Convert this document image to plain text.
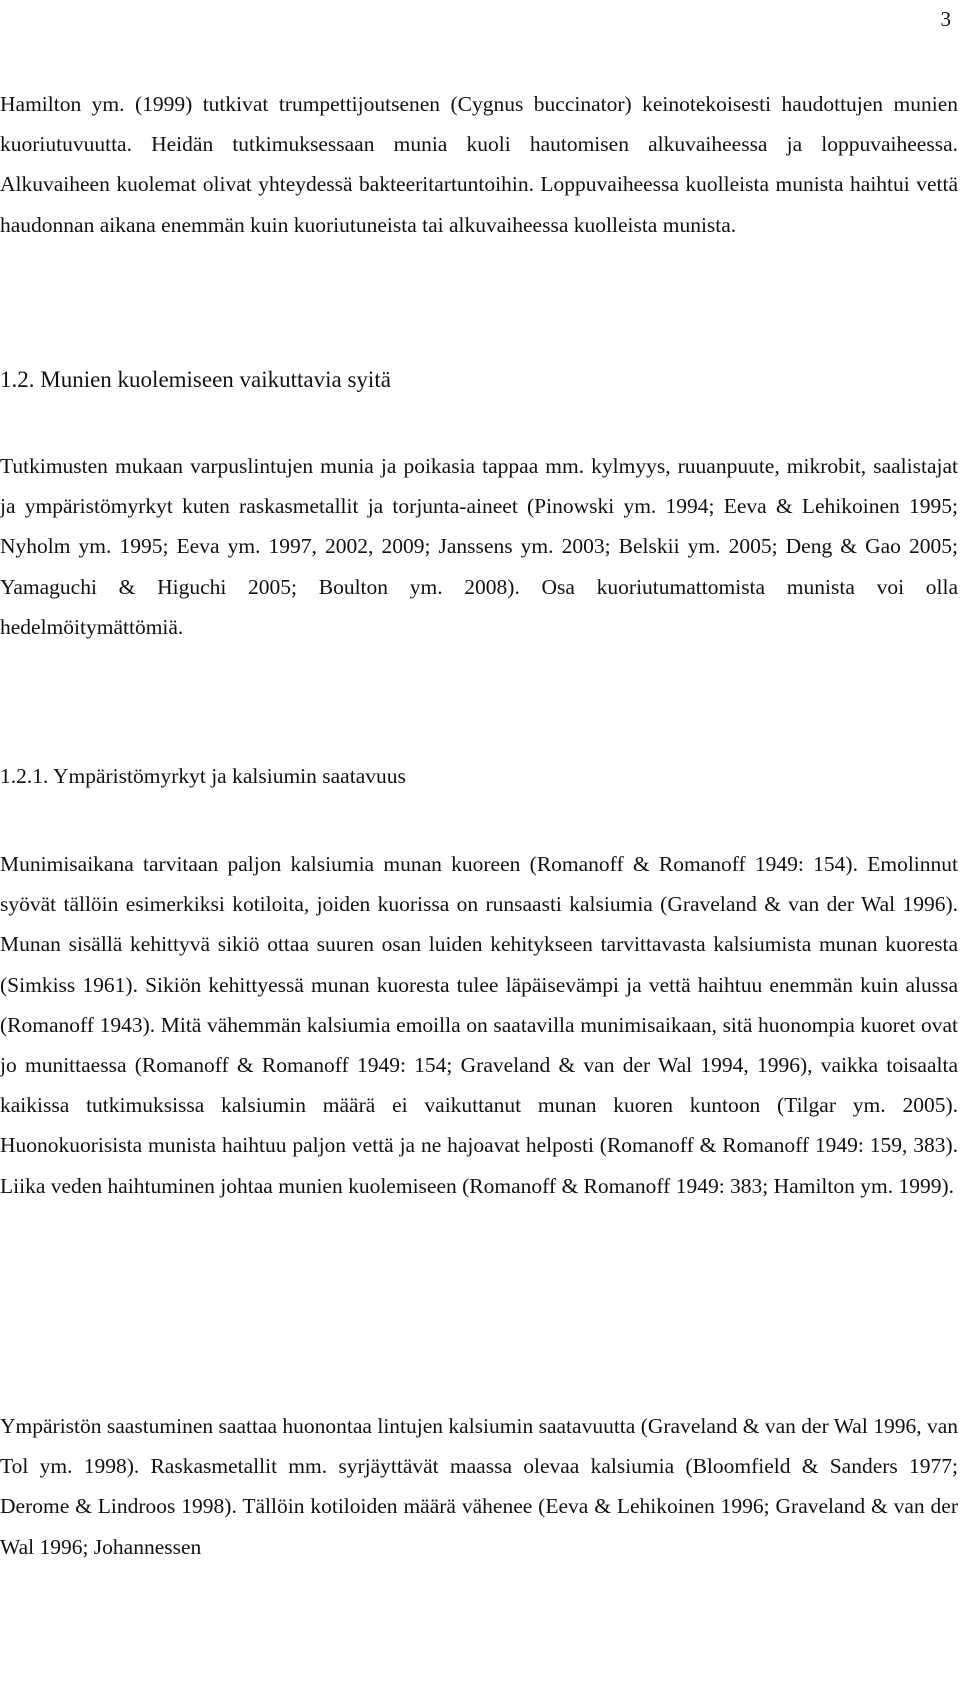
3

Hamilton ym. (1999) tutkivat trumpettijoutsenen (Cygnus buccinator) keinotekoisesti haudottujen munien kuoriutuvuutta. Heidän tutkimuksessaan munia kuoli hautomisen alkuvaiheessa ja loppuvaiheessa. Alkuvaiheen kuolemat olivat yhteydessä bakteeritartuntoihin. Loppuvaiheessa kuolleista munista haihtui vettä haudonnan aikana enemmän kuin kuoriutuneista tai alkuvaiheessa kuolleista munista.

1.2. Munien kuolemiseen vaikuttavia syitä

Tutkimusten mukaan varpuslintujen munia ja poikasia tappaa mm. kylmyys, ruuanpuute, mikrobit, saalistajat ja ympäristömyrkyt kuten raskasmetallit ja torjunta-aineet (Pinowski ym. 1994; Eeva & Lehikoinen 1995; Nyholm ym. 1995; Eeva ym. 1997, 2002, 2009; Janssens ym. 2003; Belskii ym. 2005; Deng & Gao 2005; Yamaguchi & Higuchi 2005; Boulton ym. 2008). Osa kuoriutumattomista munista voi olla hedelmöitymättömiä.

1.2.1. Ympäristömyrkyt ja kalsiumin saatavuus

Munimisaikana tarvitaan paljon kalsiumia munan kuoreen (Romanoff & Romanoff 1949: 154). Emolinnut syövät tällöin esimerkiksi kotiloita, joiden kuorissa on runsaasti kalsiumia (Graveland & van der Wal 1996). Munan sisällä kehittyvä sikiö ottaa suuren osan luiden kehitykseen tarvittavasta kalsiumista munan kuoresta (Simkiss 1961). Sikiön kehittyessä munan kuoresta tulee läpäisevämpi ja vettä haihtuu enemmän kuin alussa (Romanoff 1943). Mitä vähemmän kalsiumia emoilla on saatavilla munimisaikaan, sitä huonompia kuoret ovat jo munittaessa (Romanoff & Romanoff 1949: 154; Graveland & van der Wal 1994, 1996), vaikka toisaalta kaikissa tutkimuksissa kalsiumin määrä ei vaikuttanut munan kuoren kuntoon (Tilgar ym. 2005). Huonokuorisista munista haihtuu paljon vettä ja ne hajoavat helposti (Romanoff & Romanoff 1949: 159, 383). Liika veden haihtuminen johtaa munien kuolemiseen (Romanoff & Romanoff 1949: 383; Hamilton ym. 1999).

Ympäristön saastuminen saattaa huonontaa lintujen kalsiumin saatavuutta (Graveland & van der Wal 1996, van Tol ym. 1998). Raskasmetallit mm. syrjäyttävät maassa olevaa kalsiumia (Bloomfield & Sanders 1977; Derome & Lindroos 1998). Tällöin kotiloiden määrä vähenee (Eeva & Lehikoinen 1996; Graveland & van der Wal 1996; Johannessen
